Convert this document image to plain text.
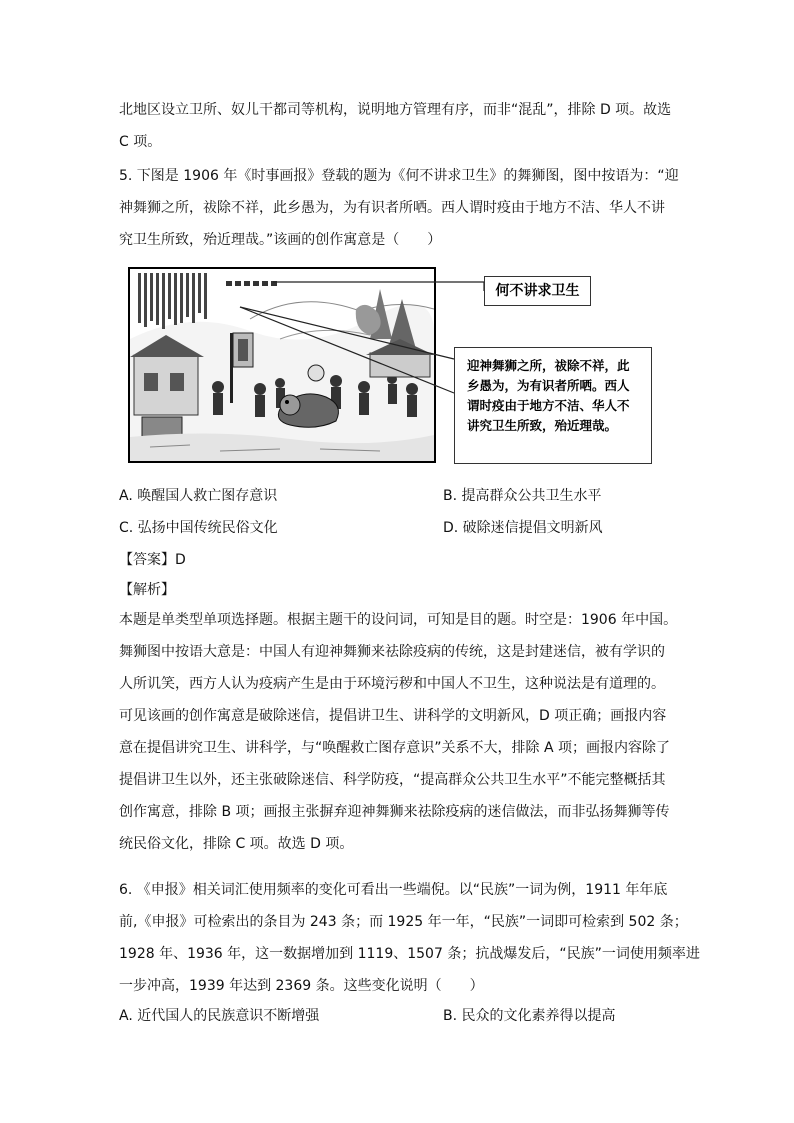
北地区设立卫所、奴儿干都司等机构，说明地方管理有序，而非“混乱”，排除 D 项。故选
C 项。
5. 下图是 1906 年《时事画报》登载的题为《何不讲求卫生》的舞狮图，图中按语为：“迎
神舞狮之所，祓除不祥，此乡愚为，为有识者所哂。西人谓时疫由于地方不洁、华人不讲
究卫生所致，殆近理哉。”该画的创作寓意是（　　）
何不讲求卫生
迎神舞狮之所，祓除不祥，此
乡愚为，为有识者所哂。西人
谓时疫由于地方不洁、华人不
讲究卫生所致，殆近理哉。
A. 唤醒国人救亡图存意识	B. 提高群众公共卫生水平
C. 弘扬中国传统民俗文化	D. 破除迷信提倡文明新风
【答案】D
【解析】
本题是单类型单项选择题。根据主题干的设问词，可知是目的题。时空是：1906 年中国。
舞狮图中按语大意是：中国人有迎神舞狮来祛除疫病的传统，这是封建迷信，被有学识的
人所讥笑，西方人认为疫病产生是由于环境污秽和中国人不卫生，这种说法是有道理的。
可见该画的创作寓意是破除迷信，提倡讲卫生、讲科学的文明新风，D 项正确；画报内容
意在提倡讲究卫生、讲科学，与“唤醒救亡图存意识”关系不大，排除 A 项；画报内容除了
提倡讲卫生以外，还主张破除迷信、科学防疫，“提高群众公共卫生水平”不能完整概括其
创作寓意，排除 B 项；画报主张摒弃迎神舞狮来祛除疫病的迷信做法，而非弘扬舞狮等传
统民俗文化，排除 C 项。故选 D 项。
6. 《申报》相关词汇使用频率的变化可看出一些端倪。以“民族”一词为例，1911 年年底
前,《申报》可检索出的条目为 243 条；而 1925 年一年，“民族”一词即可检索到 502 条；
1928 年、1936 年，这一数据增加到 1119、1507 条；抗战爆发后，“民族”一词使用频率进
一步冲高，1939 年达到 2369 条。这些变化说明（　　）
A. 近代国人的民族意识不断增强	B. 民众的文化素养得以提高
